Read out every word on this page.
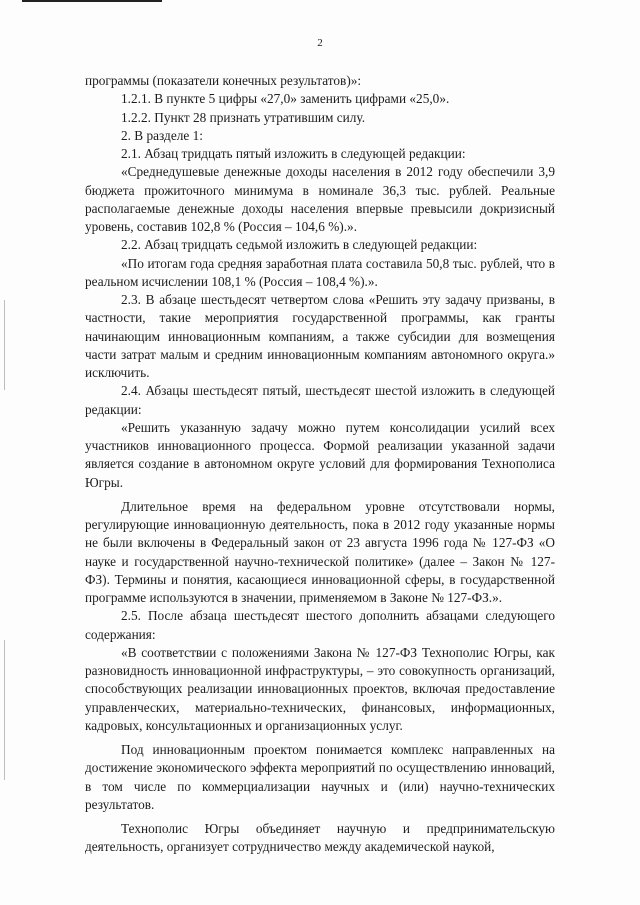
2

программы (показатели конечных результатов)»:

1.2.1. В пункте 5 цифры «27,0» заменить цифрами «25,0».

1.2.2. Пункт 28 признать утратившим силу.

2. В разделе 1:

2.1. Абзац тридцать пятый изложить в следующей редакции:

«Среднедушевые денежные доходы населения в 2012 году обеспечили 3,9 бюджета прожиточного минимума в номинале 36,3 тыс. рублей. Реальные располагаемые денежные доходы населения впервые превысили докризисный уровень, составив 102,8 % (Россия – 104,6 %).».

2.2. Абзац тридцать седьмой изложить в следующей редакции:

«По итогам года средняя заработная плата составила 50,8 тыс. рублей, что в реальном исчислении 108,1 % (Россия – 108,4 %).».

2.3. В абзаце шестьдесят четвертом слова «Решить эту задачу призваны, в частности, такие мероприятия государственной программы, как гранты начинающим инновационным компаниям, а также субсидии для возмещения части затрат малым и средним инновационным компаниям автономного округа.» исключить.

2.4. Абзацы шестьдесят пятый, шестьдесят шестой изложить в следующей редакции:

«Решить указанную задачу можно путем консолидации усилий всех участников инновационного процесса. Формой реализации указанной задачи является создание в автономном округе условий для формирования Технополиса Югры.

Длительное время на федеральном уровне отсутствовали нормы, регулирующие инновационную деятельность, пока в 2012 году указанные нормы не были включены в Федеральный закон от 23 августа 1996 года № 127-ФЗ «О науке и государственной научно-технической политике» (далее – Закон № 127-ФЗ). Термины и понятия, касающиеся инновационной сферы, в государственной программе используются в значении, применяемом в Законе № 127-ФЗ.».

2.5. После абзаца шестьдесят шестого дополнить абзацами следующего содержания:

«В соответствии с положениями Закона № 127-ФЗ Технополис Югры, как разновидность инновационной инфраструктуры, – это совокупность организаций, способствующих реализации инновационных проектов, включая предоставление управленческих, материально-технических, финансовых, информационных, кадровых, консультационных и организационных услуг.

Под инновационным проектом понимается комплекс направленных на достижение экономического эффекта мероприятий по осуществлению инноваций, в том числе по коммерциализации научных и (или) научно-технических результатов.

Технополис Югры объединяет научную и предпринимательскую деятельность, организует сотрудничество между академической наукой,
